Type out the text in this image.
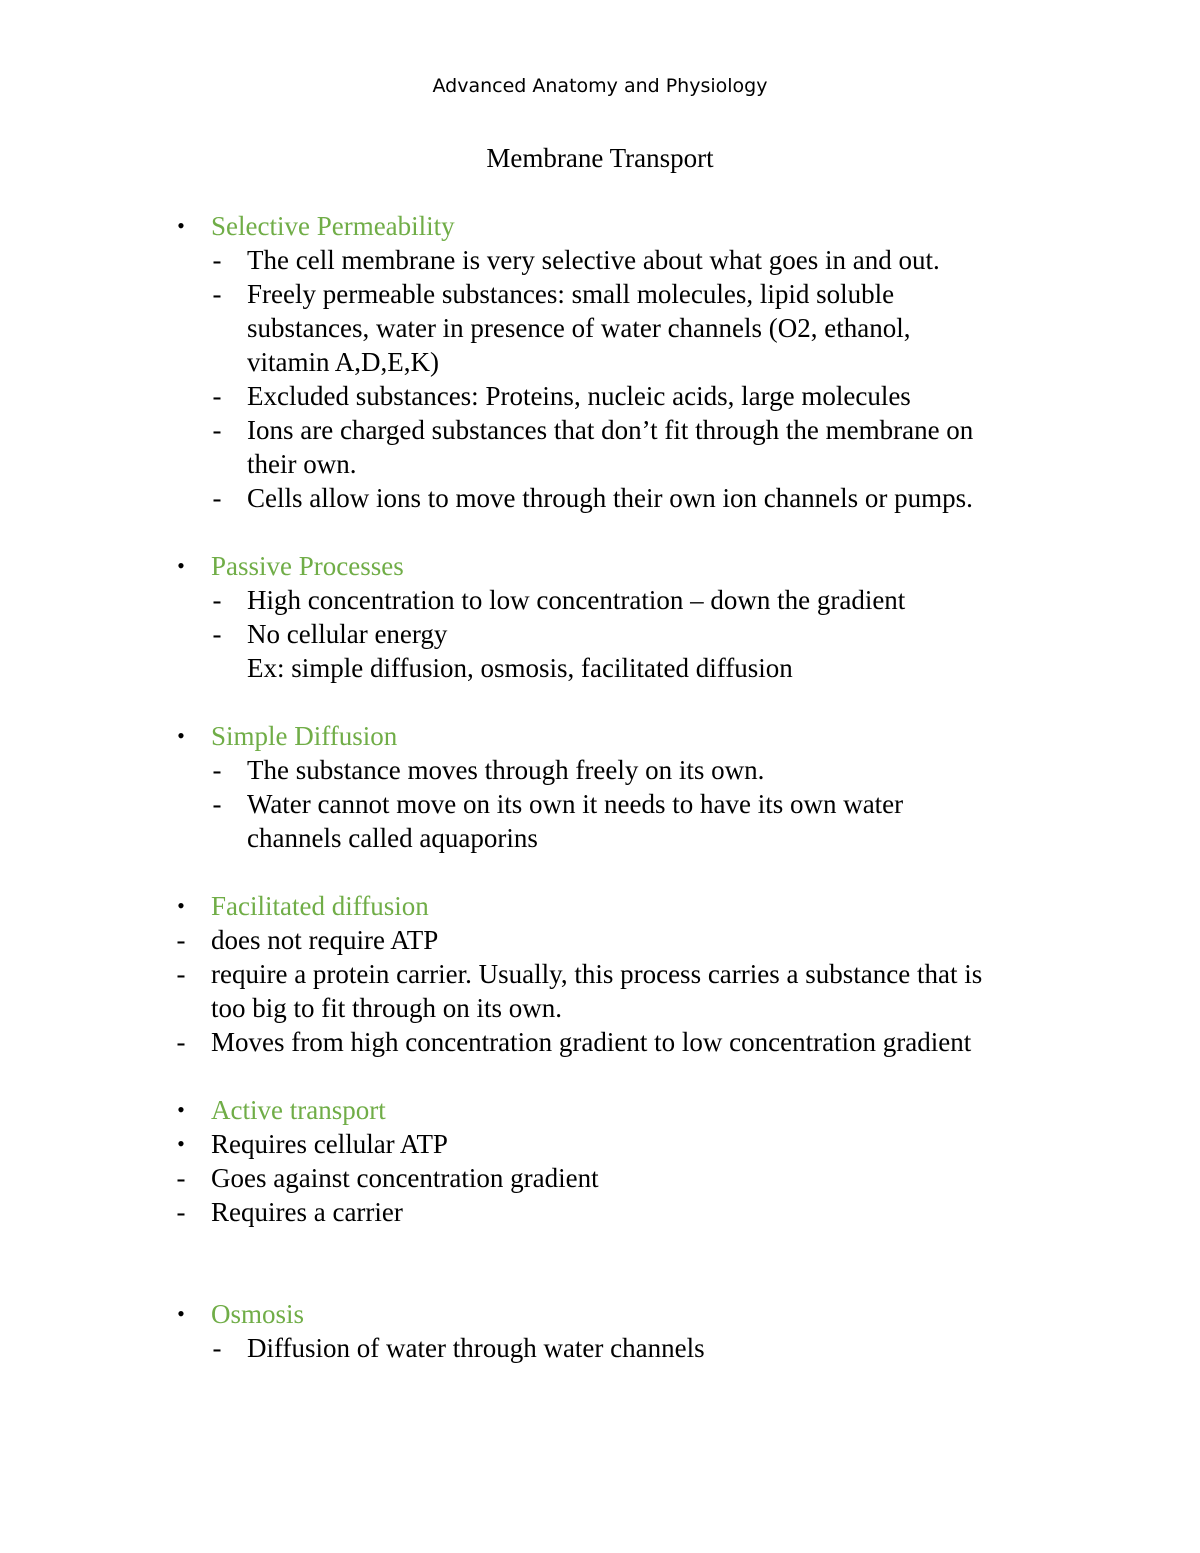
Advanced Anatomy and Physiology
Membrane Transport
• Selective Permeability
- The cell membrane is very selective about what goes in and out.
- Freely permeable substances: small molecules, lipid soluble
substances, water in presence of water channels (O2, ethanol,
vitamin A,D,E,K)
- Excluded substances: Proteins, nucleic acids, large molecules
- Ions are charged substances that don’t fit through the membrane on
their own.
- Cells allow ions to move through their own ion channels or pumps.
• Passive Processes
- High concentration to low concentration – down the gradient
- No cellular energy
Ex: simple diffusion, osmosis, facilitated diffusion
• Simple Diffusion
- The substance moves through freely on its own.
- Water cannot move on its own it needs to have its own water
channels called aquaporins
• Facilitated diffusion
- does not require ATP
- require a protein carrier. Usually, this process carries a substance that is
too big to fit through on its own.
- Moves from high concentration gradient to low concentration gradient
• Active transport
• Requires cellular ATP
- Goes against concentration gradient
- Requires a carrier
• Osmosis
- Diffusion of water through water channels
